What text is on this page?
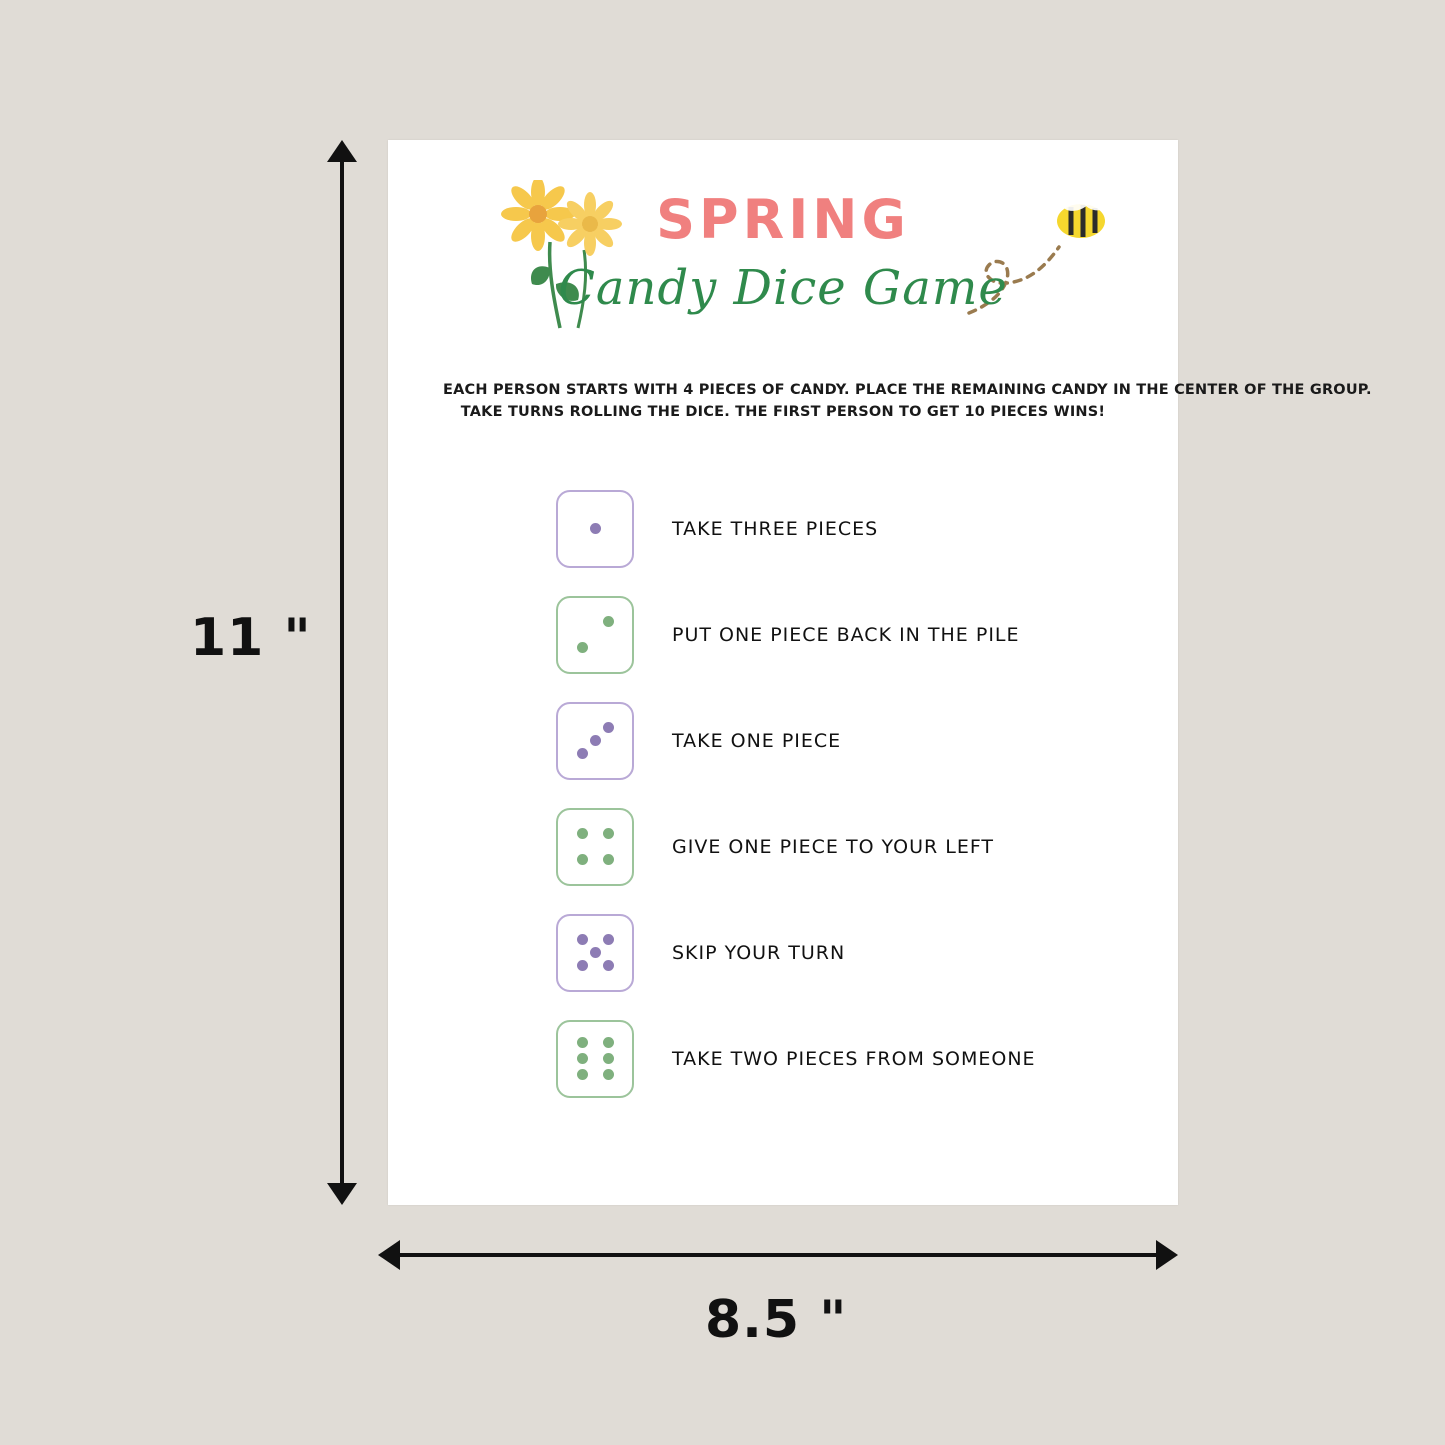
11 "
8.5 "
SPRING
Candy Dice Game
EACH PERSON STARTS WITH 4 PIECES OF CANDY. PLACE THE REMAINING CANDY IN THE CENTER OF THE GROUP.
TAKE TURNS ROLLING THE DICE. THE FIRST PERSON TO GET 10 PIECES WINS!
TAKE THREE PIECES
PUT ONE PIECE BACK IN THE PILE
TAKE ONE PIECE
GIVE ONE PIECE TO YOUR LEFT
SKIP YOUR TURN
TAKE TWO PIECES FROM SOMEONE
